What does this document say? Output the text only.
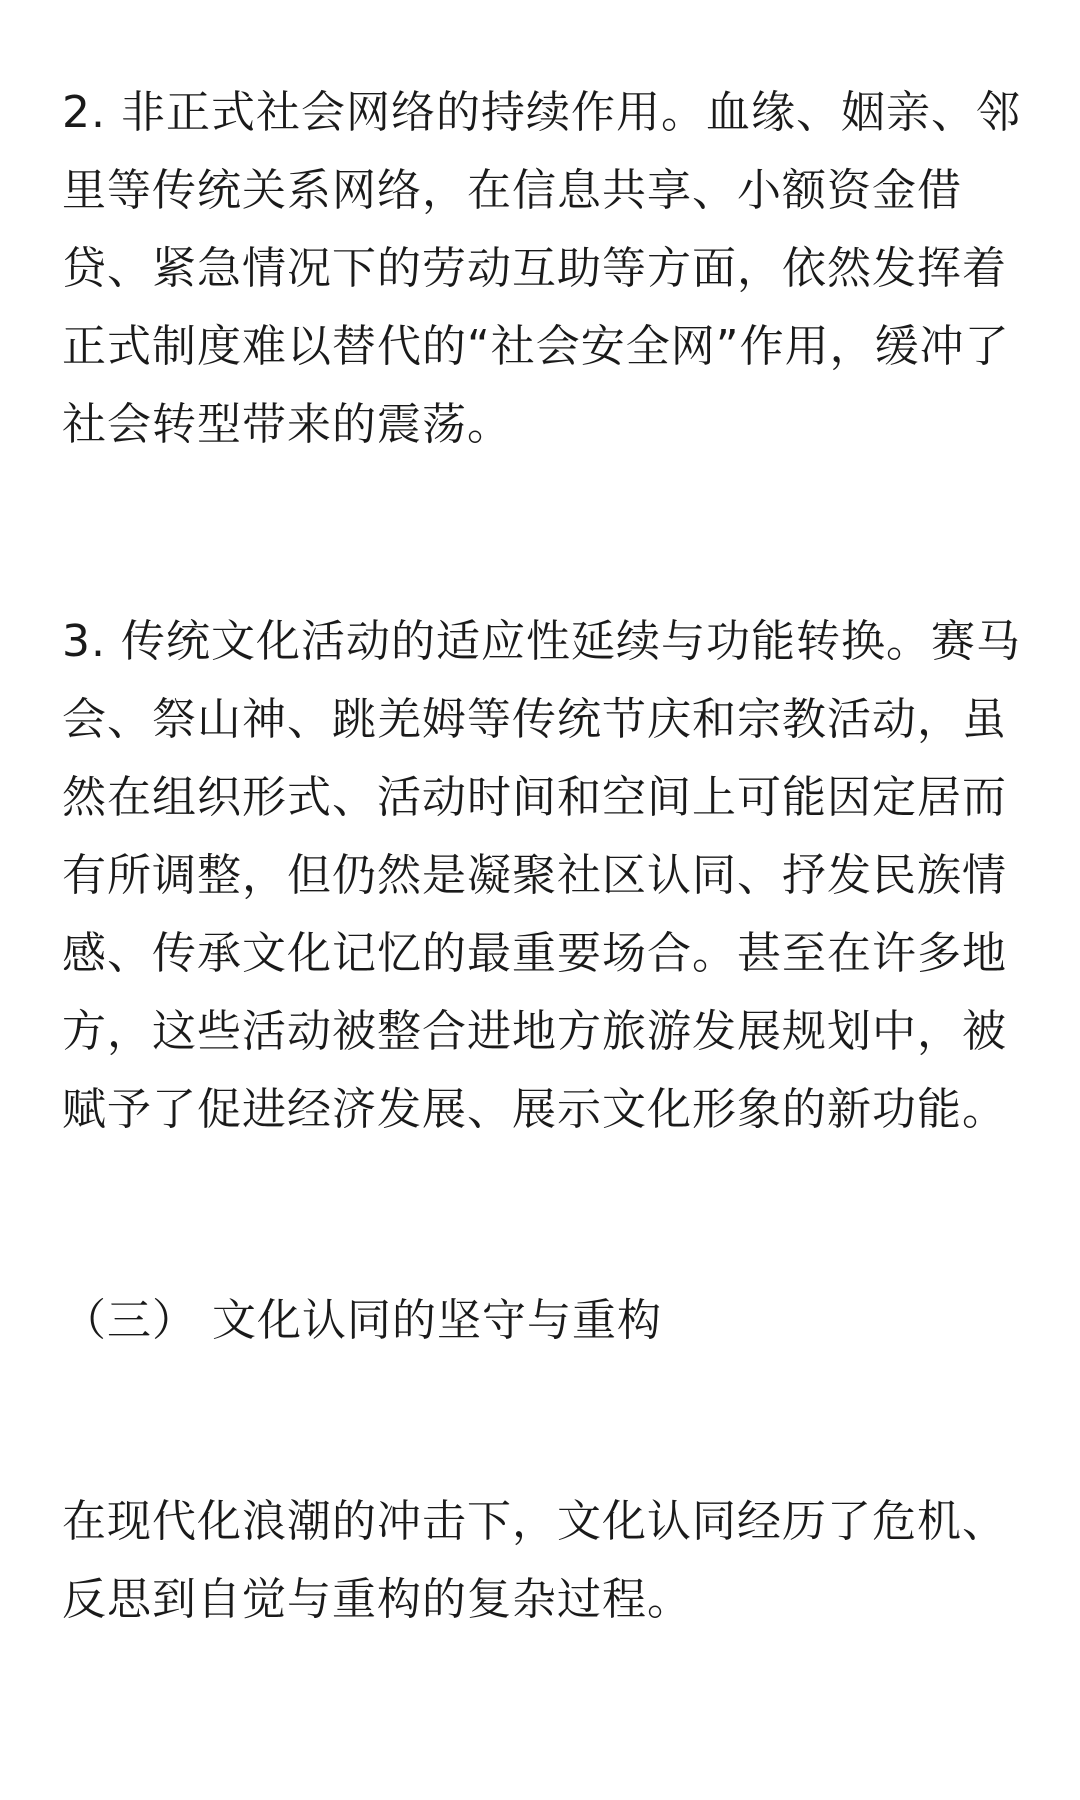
2. 非正式社会网络的持续作用。血缘、姻亲、邻里等传统关系网络，在信息共享、小额资金借贷、紧急情况下的劳动互助等方面，依然发挥着正式制度难以替代的“社会安全网”作用，缓冲了社会转型带来的震荡。

3. 传统文化活动的适应性延续与功能转换。赛马会、祭山神、跳羌姆等传统节庆和宗教活动，虽然在组织形式、活动时间和空间上可能因定居而有所调整，但仍然是凝聚社区认同、抒发民族情感、传承文化记忆的最重要场合。甚至在许多地方，这些活动被整合进地方旅游发展规划中，被赋予了促进经济发展、展示文化形象的新功能。

（三） 文化认同的坚守与重构

在现代化浪潮的冲击下，文化认同经历了危机、反思到自觉与重构的复杂过程。
